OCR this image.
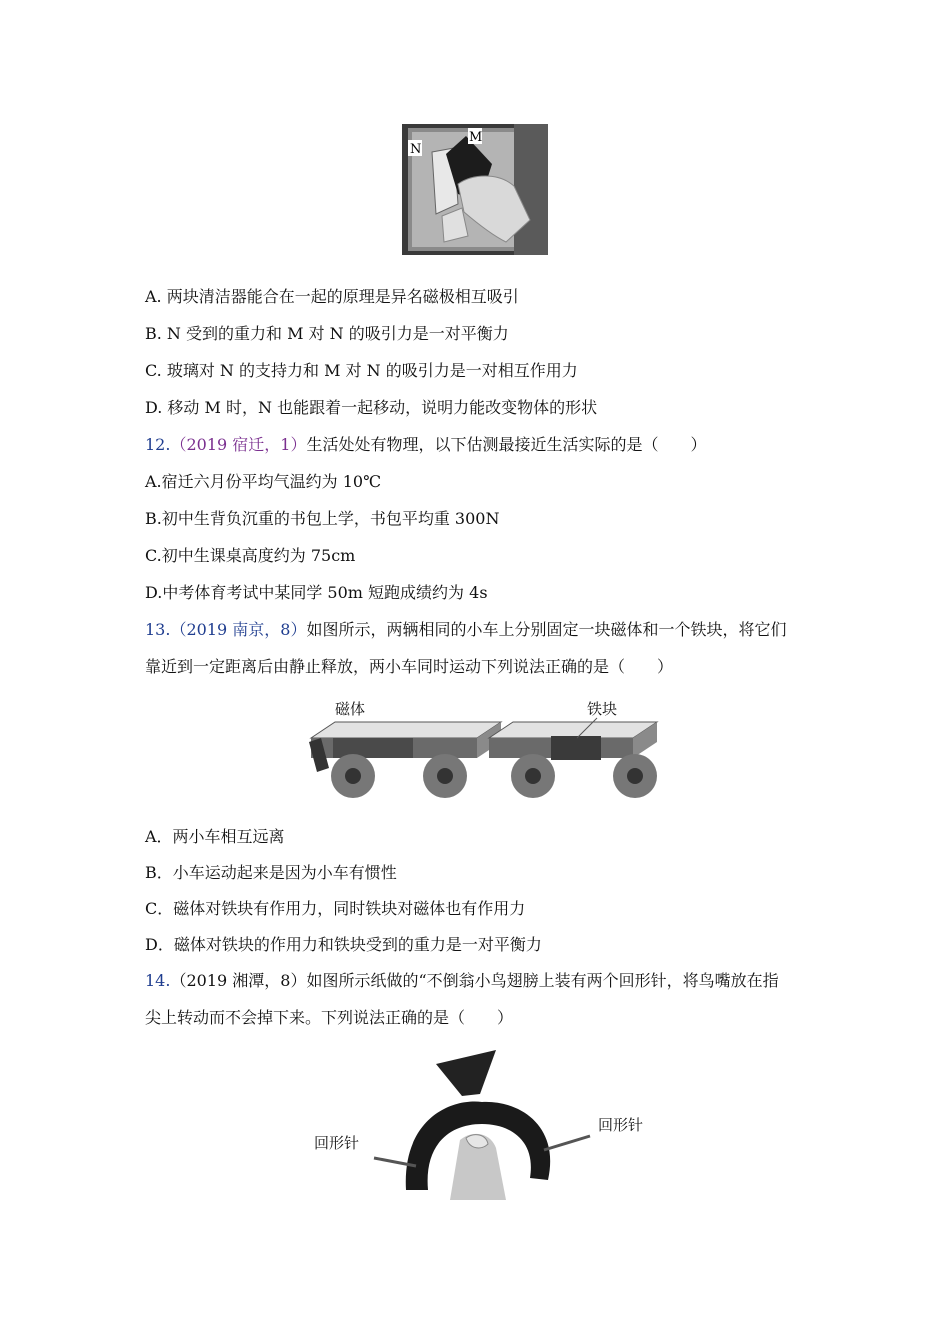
N
M
A. 两块清洁器能合在一起的原理是异名磁极相互吸引
B. N 受到的重力和 M 对 N 的吸引力是一对平衡力
C. 玻璃对 N 的支持力和 M 对 N 的吸引力是一对相互作用力
D. 移动 M 时，N 也能跟着一起移动，说明力能改变物体的形状
12.（2019 宿迁，1）生活处处有物理，以下估测最接近生活实际的是（　　）
A.宿迁六月份平均气温约为 10℃
B.初中生背负沉重的书包上学，书包平均重 300N
C.初中生课桌高度约为 75cm
D.中考体育考试中某同学 50m 短跑成绩约为 4s
13.（2019 南京，8）如图所示，两辆相同的小车上分别固定一块磁体和一个铁块，将它们
靠近到一定距离后由静止释放，两小车同时运动下列说法正确的是（　　）
磁体	铁块
A．两小车相互远离
B．小车运动起来是因为小车有惯性
C．磁体对铁块有作用力，同时铁块对磁体也有作用力
D．磁体对铁块的作用力和铁块受到的重力是一对平衡力
14.（2019 湘潭，8）如图所示纸做的“不倒翁小鸟翅膀上装有两个回形针，将鸟嘴放在指
尖上转动而不会掉下来。下列说法正确的是（　　）
回形针
回形针
